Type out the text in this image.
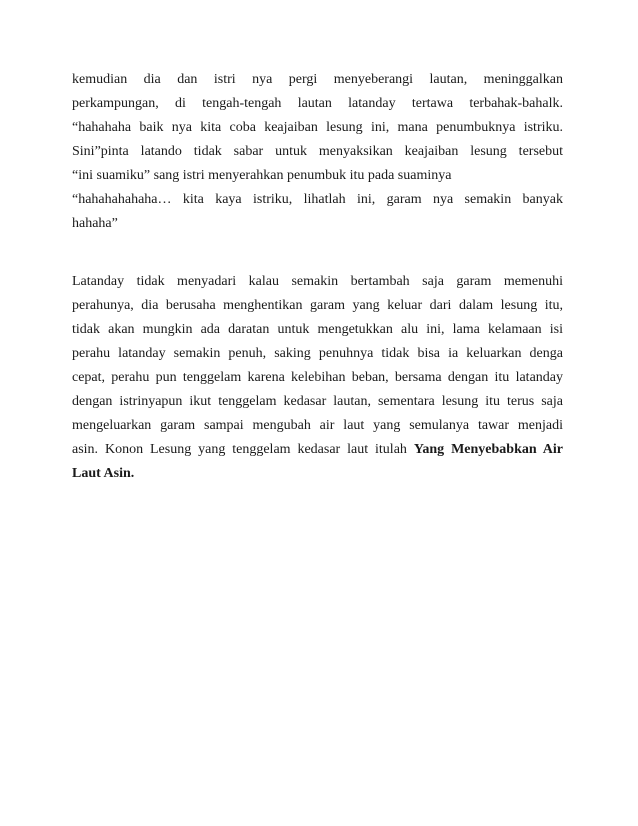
kemudian dia dan istri nya pergi menyeberangi lautan, meninggalkan
perkampungan, di tengah-tengah lautan latanday tertawa terbahak-bahalk.
“hahahaha baik nya kita coba keajaiban lesung ini, mana penumbuknya istriku.
Sini”pinta latando tidak sabar untuk menyaksikan keajaiban lesung tersebut
“ini suamiku” sang istri menyerahkan penumbuk itu pada suaminya
“hahahahahaha… kita kaya istriku, lihatlah ini, garam nya semakin banyak
hahaha”
Latanday tidak menyadari kalau semakin bertambah saja garam memenuhi
perahunya, dia berusaha menghentikan garam yang keluar dari dalam lesung itu,
tidak akan mungkin ada daratan untuk mengetukkan alu ini, lama kelamaan isi
perahu latanday semakin penuh, saking penuhnya tidak bisa ia keluarkan denga
cepat, perahu pun tenggelam karena kelebihan beban, bersama dengan itu latanday
dengan istrinyapun ikut tenggelam kedasar lautan, sementara lesung itu terus saja
mengeluarkan garam sampai mengubah air laut yang semulanya tawar menjadi
asin. Konon Lesung yang tenggelam kedasar laut itulah Yang Menyebabkan Air
Laut Asin.
